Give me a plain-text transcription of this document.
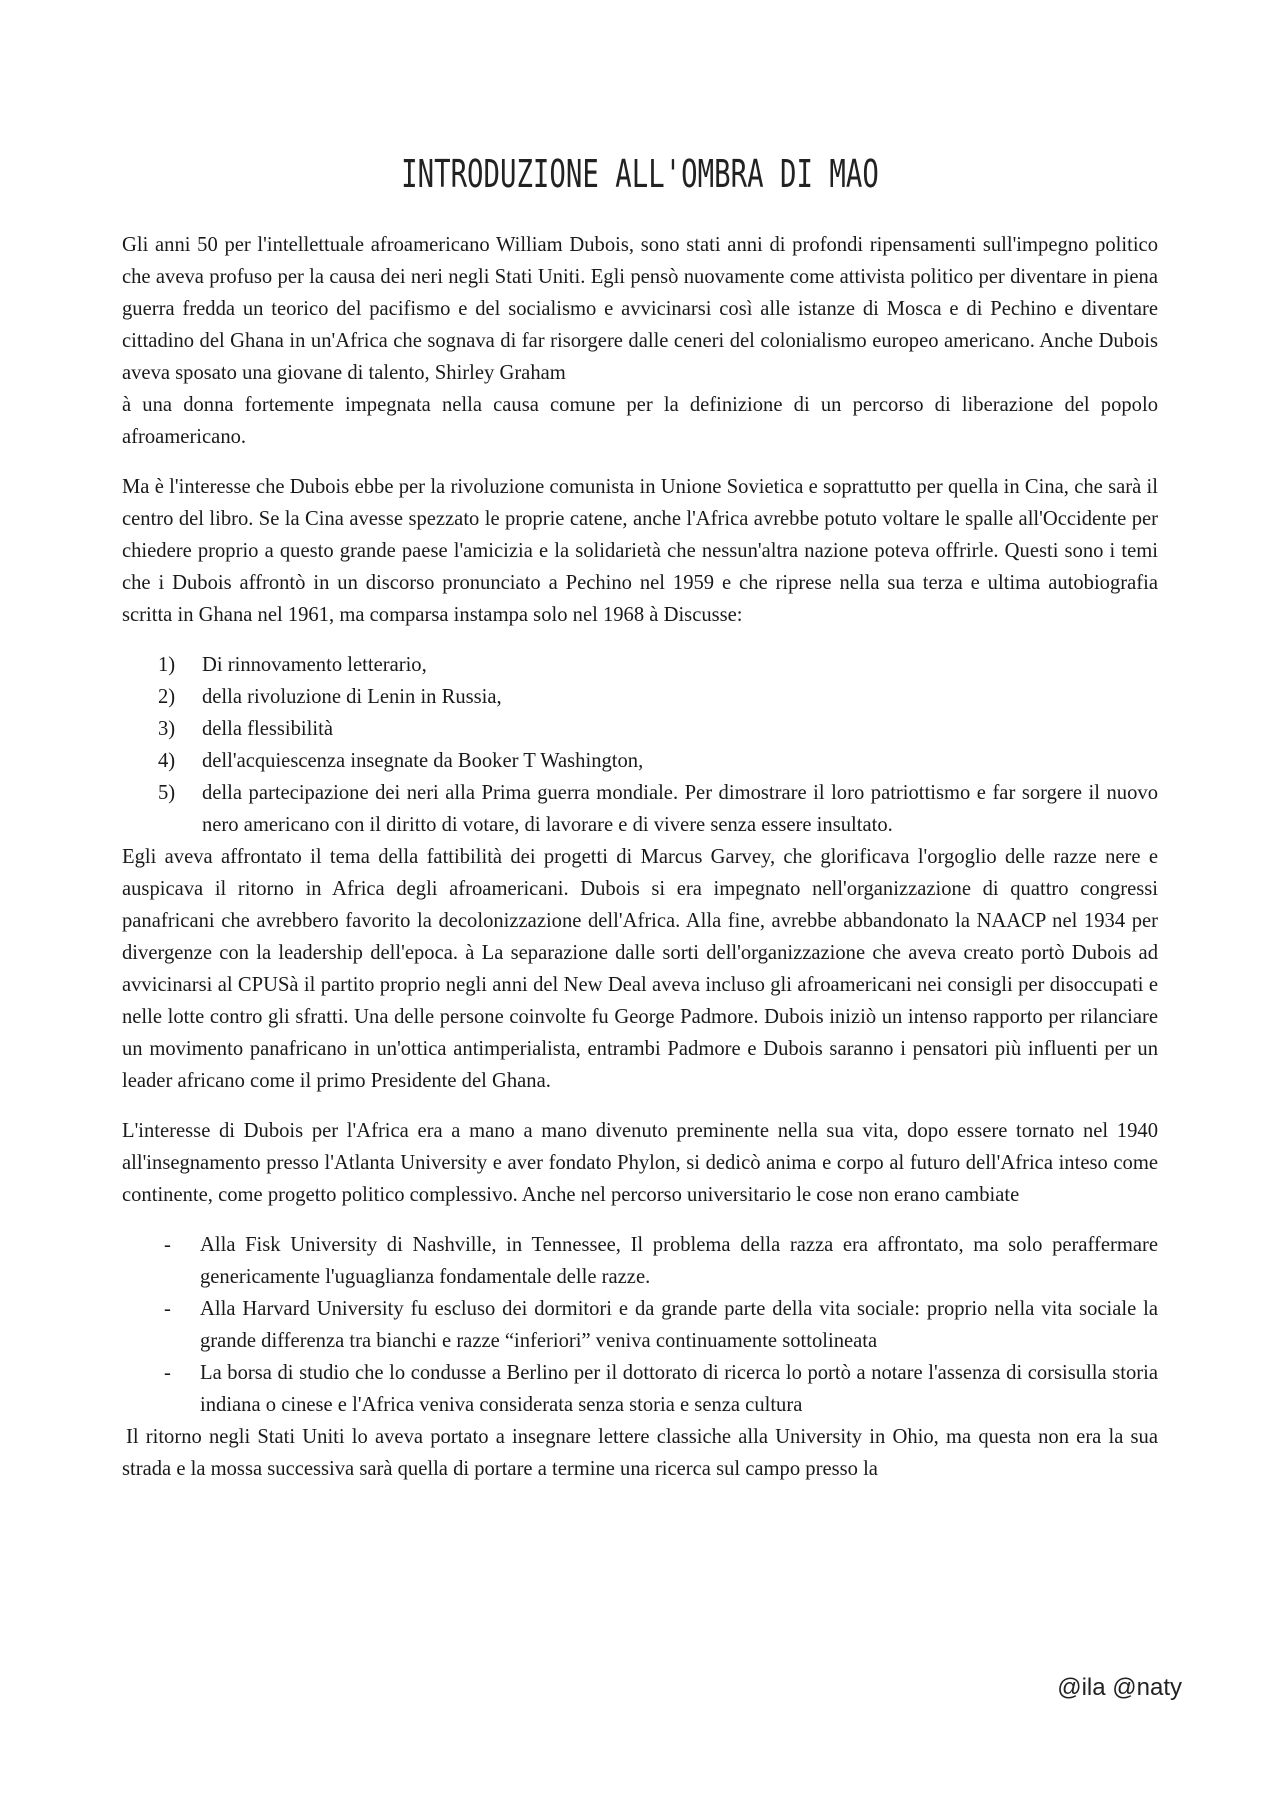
INTRODUZIONE ALL'OMBRA DI MAO

Gli anni 50 per l'intellettuale afroamericano William Dubois, sono stati anni di profondi ripensamenti sull'impegno politico che aveva profuso per la causa dei neri negli Stati Uniti. Egli pensò nuovamente come attivista politico per diventare in piena guerra fredda un teorico del pacifismo e del socialismo e avvicinarsi così alle istanze di Mosca e di Pechino e diventare cittadino del Ghana in un'Africa che sognava di far risorgere dalle ceneri del colonialismo europeo americano. Anche Dubois aveva sposato una giovane di talento, Shirley Graham

à una donna fortemente impegnata nella causa comune per la definizione di un percorso di liberazione del popolo afroamericano.

Ma è l'interesse che Dubois ebbe per la rivoluzione comunista in Unione Sovietica e soprattutto per quella in Cina, che sarà il centro del libro. Se la Cina avesse spezzato le proprie catene, anche l'Africa avrebbe potuto voltare le spalle all'Occidente per chiedere proprio a questo grande paese l'amicizia e la solidarietà che nessun'altra nazione poteva offrirle. Questi sono i temi che i Dubois affrontò in un discorso pronunciato a Pechino nel 1959 e che riprese nella sua terza e ultima autobiografia scritta in Ghana nel 1961, ma comparsa instampa solo nel 1968 à Discusse:

1) Di rinnovamento letterario,
2) della rivoluzione di Lenin in Russia,
3) della flessibilità
4) dell'acquiescenza insegnate da Booker T Washington,
5) della partecipazione dei neri alla Prima guerra mondiale. Per dimostrare il loro patriottismo e far sorgere il nuovo nero americano con il diritto di votare, di lavorare e di vivere senza essere insultato.

Egli aveva affrontato il tema della fattibilità dei progetti di Marcus Garvey, che glorificava l'orgoglio delle razze nere e auspicava il ritorno in Africa degli afroamericani. Dubois si era impegnato nell'organizzazione di quattro congressi panafricani che avrebbero favorito la decolonizzazione dell'Africa. Alla fine, avrebbe abbandonato la NAACP nel 1934 per divergenze con la leadership dell'epoca. à La separazione dalle sorti dell'organizzazione che aveva creato portò Dubois ad avvicinarsi al CPUSà il partito proprio negli anni del New Deal aveva incluso gli afroamericani nei consigli per disoccupati e nelle lotte contro gli sfratti. Una delle persone coinvolte fu George Padmore. Dubois iniziò un intenso rapporto per rilanciare un movimento panafricano in un'ottica antimperialista, entrambi Padmore e Dubois saranno i pensatori più influenti per un leader africano come il primo Presidente del Ghana.

L'interesse di Dubois per l'Africa era a mano a mano divenuto preminente nella sua vita, dopo essere tornato nel 1940 all'insegnamento presso l'Atlanta University e aver fondato Phylon, si dedicò anima e corpo al futuro dell'Africa inteso come continente, come progetto politico complessivo. Anche nel percorso universitario le cose non erano cambiate

- Alla Fisk University di Nashville, in Tennessee, Il problema della razza era affrontato, ma solo peraffermare genericamente l'uguaglianza fondamentale delle razze.
- Alla Harvard University fu escluso dei dormitori e da grande parte della vita sociale: proprio nella vita sociale la grande differenza tra bianchi e razze “inferiori” veniva continuamente sottolineata
- La borsa di studio che lo condusse a Berlino per il dottorato di ricerca lo portò a notare l'assenza di corsisulla storia indiana o cinese e l'Africa veniva considerata senza storia e senza cultura

Il ritorno negli Stati Uniti lo aveva portato a insegnare lettere classiche alla University in Ohio, ma questa non era la sua strada e la mossa successiva sarà quella di portare a termine una ricerca sul campo presso la

@ila @naty
